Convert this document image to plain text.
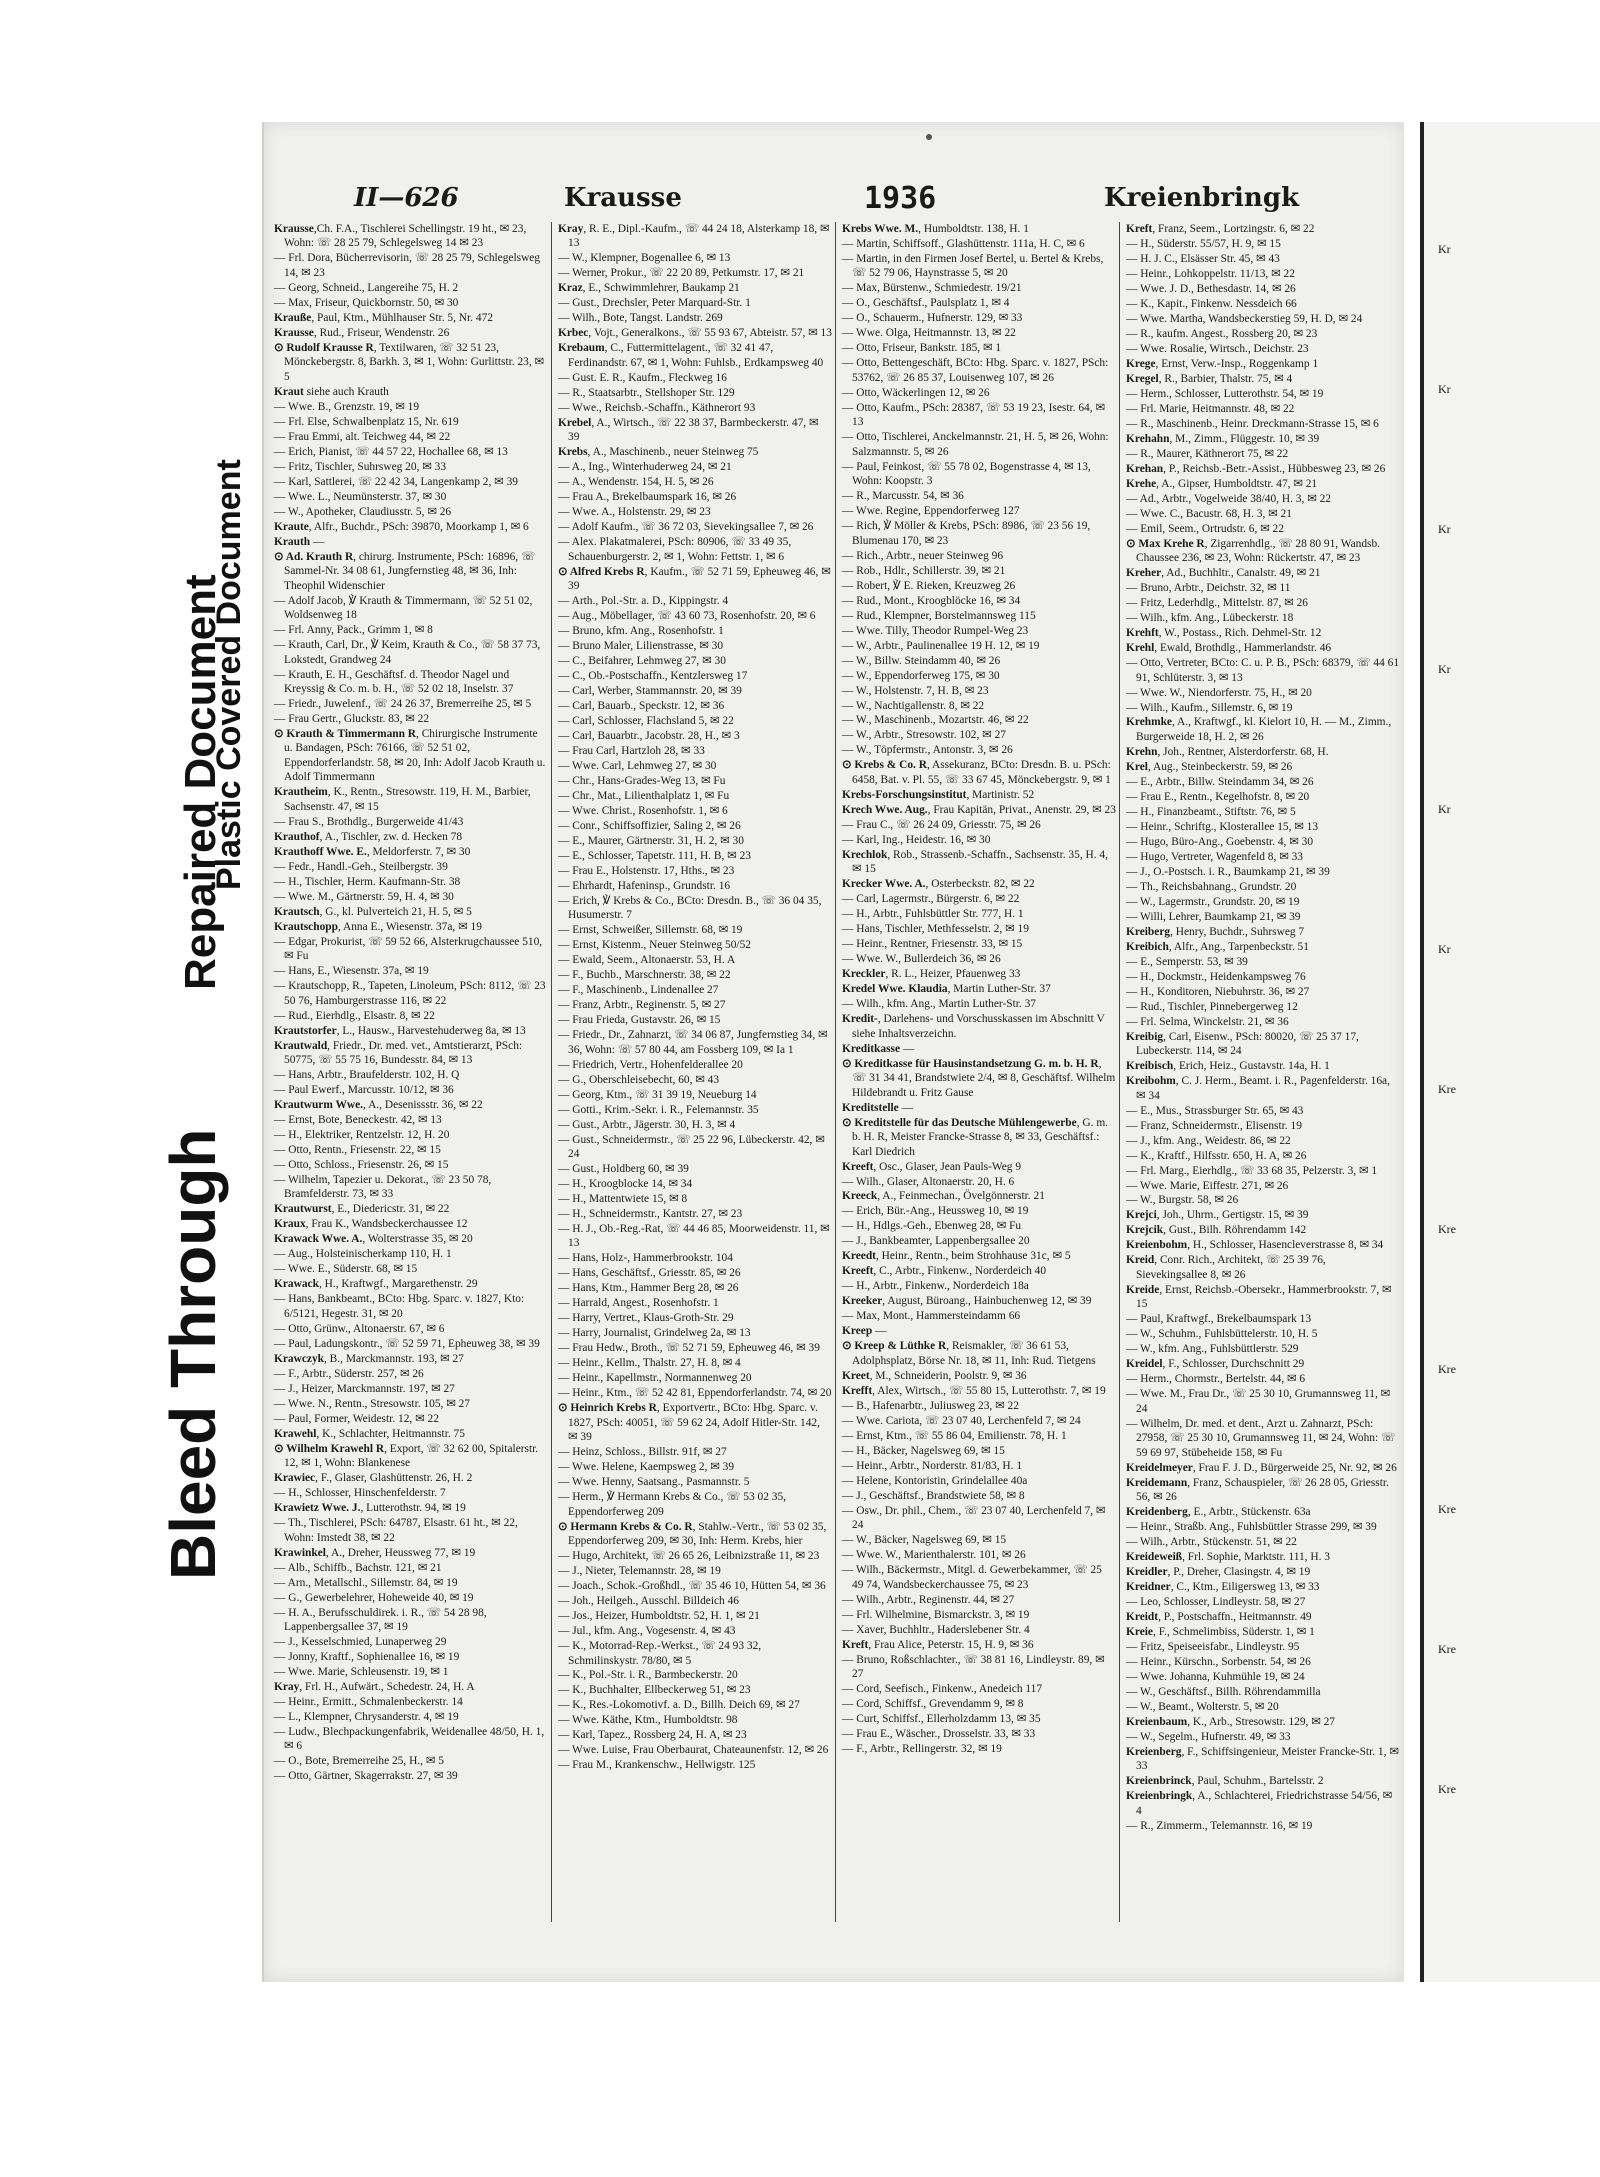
Bleed Through
Repaired Document
Plastic Covered Document
II—626	Krausse	1936	Kreienbringk
Krausse,Ch. F.A., Tischlerei Schellingstr. 19 ht., ✉ 23, Wohn: ☏ 28 25 79, Schlegelsweg 14 ✉ 23
— Frl. Dora, Bücherrevisorin, ☏ 28 25 79, Schlegelsweg 14, ✉ 23
— Georg, Schneid., Langereihe 75, H. 2
— Max, Friseur, Quickbornstr. 50, ✉ 30
Krauße, Paul, Ktm., Mühlhauser Str. 5, Nr. 472
Krausse, Rud., Friseur, Wendenstr. 26
⊙ Rudolf Krausse R, Textilwaren, ☏ 32 51 23, Mönckebergstr. 8, Barkh. 3, ✉ 1, Wohn: Gurlittstr. 23, ✉ 5
Kraut siehe auch Krauth
— Wwe. B., Grenzstr. 19, ✉ 19
— Frl. Else, Schwalbenplatz 15, Nr. 619
— Frau Emmi, alt. Teichweg 44, ✉ 22
— Erich, Pianist, ☏ 44 57 22, Hochallee 68, ✉ 13
— Fritz, Tischler, Suhrsweg 20, ✉ 33
— Karl, Sattlerei, ☏ 22 42 34, Langenkamp 2, ✉ 39
— Wwe. L., Neumünsterstr. 37, ✉ 30
— W., Apotheker, Claudiusstr. 5, ✉ 26
Kraute, Alfr., Buchdr., PSch: 39870, Moorkamp 1, ✉ 6
Krauth —
⊙ Ad. Krauth R, chirurg. Instrumente, PSch: 16896, ☏ Sammel-Nr. 34 08 61, Jungfernstieg 48, ✉ 36, Inh: Theophil Widenschier
— Adolf Jacob, ℣ Krauth & Timmermann, ☏ 52 51 02, Woldsenweg 18
— Frl. Anny, Pack., Grimm 1, ✉ 8
— Krauth, Carl, Dr., ℣ Keim, Krauth & Co., ☏ 58 37 73, Lokstedt, Grandweg 24
— Krauth, E. H., Geschäftsf. d. Theodor Nagel und Kreyssig & Co. m. b. H., ☏ 52 02 18, Inselstr. 37
— Friedr., Juwelenf., ☏ 24 26 37, Bremerreihe 25, ✉ 5
— Frau Gertr., Gluckstr. 83, ✉ 22
⊙ Krauth & Timmermann R, Chirurgische Instrumente u. Bandagen, PSch: 76166, ☏ 52 51 02, Eppendorferlandstr. 58, ✉ 20, Inh: Adolf Jacob Krauth u. Adolf Timmermann
Krautheim, K., Rentn., Stresowstr. 119, H. M., Barbier, Sachsenstr. 47, ✉ 15
— Frau S., Brothdlg., Burgerweide 41/43
Krauthof, A., Tischler, zw. d. Hecken 78
Krauthoff Wwe. E., Meldorferstr. 7, ✉ 30
— Fedr., Handl.-Geh., Steilbergstr. 39
— H., Tischler, Herm. Kaufmann-Str. 38
— Wwe. M., Gärtnerstr. 59, H. 4, ✉ 30
Krautsch, G., kl. Pulverteich 21, H. 5, ✉ 5
Krautschopp, Anna E., Wiesenstr. 37a, ✉ 19
— Edgar, Prokurist, ☏ 59 52 66, Alsterkrugchaussee 510, ✉ Fu
— Hans, E., Wiesenstr. 37a, ✉ 19
— Krautschopp, R., Tapeten, Linoleum, PSch: 8112, ☏ 23 50 76, Hamburgerstrasse 116, ✉ 22
— Rud., Eierhdlg., Elsastr. 8, ✉ 22
Krautstorfer, L., Hausw., Harvestehuderweg 8a, ✉ 13
Krautwald, Friedr., Dr. med. vet., Amtstierarzt, PSch: 50775, ☏ 55 75 16, Bundesstr. 84, ✉ 13
— Hans, Arbtr., Braufelderstr. 102, H. Q
— Paul Ewerf., Marcusstr. 10/12, ✉ 36
Krautwurm Wwe., A., Desenissstr. 36, ✉ 22
— Ernst, Bote, Beneckestr. 42, ✉ 13
— H., Elektriker, Rentzelstr. 12, H. 20
— Otto, Rentn., Friesenstr. 22, ✉ 15
— Otto, Schloss., Friesenstr. 26, ✉ 15
— Wilhelm, Tapezier u. Dekorat., ☏ 23 50 78, Bramfelderstr. 73, ✉ 33
Krautwurst, E., Diedericstr. 31, ✉ 22
Kraux, Frau K., Wandsbeckerchaussee 12
Krawack Wwe. A., Wolterstrasse 35, ✉ 20
— Aug., Holsteinischerkamp 110, H. 1
— Wwe. E., Süderstr. 68, ✉ 15
Krawack, H., Kraftwgf., Margarethenstr. 29
— Hans, Bankbeamt., BCto: Hbg. Sparc. v. 1827, Kto: 6/5121, Hegestr. 31, ✉ 20
— Otto, Grünw., Altonaerstr. 67, ✉ 6
— Paul, Ladungskontr., ☏ 52 59 71, Epheuweg 38, ✉ 39
Krawczyk, B., Marckmannstr. 193, ✉ 27
— F., Arbtr., Süderstr. 257, ✉ 26
— J., Heizer, Marckmannstr. 197, ✉ 27
— Wwe. N., Rentn., Stresowstr. 105, ✉ 27
— Paul, Former, Weidestr. 12, ✉ 22
Krawehl, K., Schlachter, Heitmannstr. 75
⊙ Wilhelm Krawehl R, Export, ☏ 32 62 00, Spitalerstr. 12, ✉ 1, Wohn: Blankenese
Krawiec, F., Glaser, Glashüttenstr. 26, H. 2
— H., Schlosser, Hinschenfelderstr. 7
Krawietz Wwe. J., Lutterothstr. 94, ✉ 19
— Th., Tischlerei, PSch: 64787, Elsastr. 61 ht., ✉ 22, Wohn: Imstedt 38, ✉ 22
Krawinkel, A., Dreher, Heussweg 77, ✉ 19
— Alb., Schiffb., Bachstr. 121, ✉ 21
— Arn., Metallschl., Sillemstr. 84, ✉ 19
— G., Gewerbelehrer, Hoheweide 40, ✉ 19
— H. A., Berufsschuldirek. i. R., ☏ 54 28 98, Lappenbergsallee 37, ✉ 19
— J., Kesselschmied, Lunaperweg 29
— Jonny, Kraftf., Sophienallee 16, ✉ 19
— Wwe. Marie, Schleusenstr. 19, ✉ 1
Kray, Frl. H., Aufwärt., Schedestr. 24, H. A
— Heinr., Ermitt., Schmalenbeckerstr. 14
— L., Klempner, Chrysanderstr. 4, ✉ 19
— Ludw., Blechpackungenfabrik, Weidenallee 48/50, H. 1, ✉ 6
— O., Bote, Bremerreihe 25, H., ✉ 5
— Otto, Gärtner, Skagerrakstr. 27, ✉ 39
Kray, R. E., Dipl.-Kaufm., ☏ 44 24 18, Alsterkamp 18, ✉ 13
— W., Klempner, Bogenallee 6, ✉ 13
— Werner, Prokur., ☏ 22 20 89, Petkumstr. 17, ✉ 21
Kraz, E., Schwimmlehrer, Baukamp 21
— Gust., Drechsler, Peter Marquard-Str. 1
— Wilh., Bote, Tangst. Landstr. 269
Krbec, Vojt., Generalkons., ☏ 55 93 67, Abteistr. 57, ✉ 13
Krebaum, C., Futtermittelagent., ☏ 32 41 47, Ferdinandstr. 67, ✉ 1, Wohn: Fuhlsb., Erdkampsweg 40
— Gust. E. R., Kaufm., Fleckweg 16
— R., Staatsarbtr., Stellshoper Str. 129
— Wwe., Reichsb.-Schaffn., Käthnerort 93
Krebel, A., Wirtsch., ☏ 22 38 37, Barmbeckerstr. 47, ✉ 39
Krebs, A., Maschinenb., neuer Steinweg 75
— A., Ing., Winterhuderweg 24, ✉ 21
— A., Wendenstr. 154, H. 5, ✉ 26
— Frau A., Brekelbaumspark 16, ✉ 26
— Wwe. A., Holstenstr. 29, ✉ 23
— Adolf Kaufm., ☏ 36 72 03, Sievekingsallee 7, ✉ 26
— Alex. Plakatmalerei, PSch: 80906, ☏ 33 49 35, Schauenburgerstr. 2, ✉ 1, Wohn: Fettstr. 1, ✉ 6
⊙ Alfred Krebs R, Kaufm., ☏ 52 71 59, Epheuweg 46, ✉ 39
— Arth., Pol.-Str. a. D., Kippingstr. 4
— Aug., Möbellager, ☏ 43 60 73, Rosenhofstr. 20, ✉ 6
— Bruno, kfm. Ang., Rosenhofstr. 1
— Bruno Maler, Lilienstrasse, ✉ 30
— C., Beifahrer, Lehmweg 27, ✉ 30
— C., Ob.-Postschaffn., Kentzlersweg 17
— Carl, Werber, Stammannstr. 20, ✉ 39
— Carl, Bauarb., Speckstr. 12, ✉ 36
— Carl, Schlosser, Flachsland 5, ✉ 22
— Carl, Bauarbtr., Jacobstr. 28, H., ✉ 3
— Frau Carl, Hartzloh 28, ✉ 33
— Wwe. Carl, Lehmweg 27, ✉ 30
— Chr., Hans-Grades-Weg 13, ✉ Fu
— Chr., Mat., Lilienthalplatz 1, ✉ Fu
— Wwe. Christ., Rosenhofstr. 1, ✉ 6
— Conr., Schiffsoffizier, Saling 2, ✉ 26
— E., Maurer, Gärtnerstr. 31, H. 2, ✉ 30
— E., Schlosser, Tapetstr. 111, H. B, ✉ 23
— Frau E., Holstenstr. 17, Hths., ✉ 23
— Ehrhardt, Hafeninsp., Grundstr. 16
— Erich, ℣ Krebs & Co., BCto: Dresdn. B., ☏ 36 04 35, Husumerstr. 7
— Ernst, Schweißer, Sillemstr. 68, ✉ 19
— Ernst, Kistenm., Neuer Steinweg 50/52
— Ewald, Seem., Altonaerstr. 53, H. A
— F., Buchb., Marschnerstr. 38, ✉ 22
— F., Maschinenb., Lindenallee 27
— Franz, Arbtr., Reginenstr. 5, ✉ 27
— Frau Frieda, Gustavstr. 26, ✉ 15
— Friedr., Dr., Zahnarzt, ☏ 34 06 87, Jungfernstieg 34, ✉ 36, Wohn: ☏ 57 80 44, am Fossberg 109, ✉ Ia 1
— Friedrich, Vertr., Hohenfelderallee 20
— G., Oberschleisebecht, 60, ✉ 43
— Georg, Ktm., ☏ 31 39 19, Neueburg 14
— Gotti., Krim.-Sekr. i. R., Felemannstr. 35
— Gust., Arbtr., Jägerstr. 30, H. 3, ✉ 4
— Gust., Schneidermstr., ☏ 25 22 96, Lübeckerstr. 42, ✉ 24
— Gust., Holdberg 60, ✉ 39
— H., Kroogblocke 14, ✉ 34
— H., Mattentwiete 15, ✉ 8
— H., Schneidermstr., Kantstr. 27, ✉ 23
— H. J., Ob.-Reg.-Rat, ☏ 44 46 85, Moorweidenstr. 11, ✉ 13
— Hans, Holz-, Hammerbrookstr. 104
— Hans, Geschäftsf., Griesstr. 85, ✉ 26
— Hans, Ktm., Hammer Berg 28, ✉ 26
— Harrald, Angest., Rosenhofstr. 1
— Harry, Vertret., Klaus-Groth-Str. 29
— Harry, Journalist, Grindelweg 2a, ✉ 13
— Frau Hedw., Broth., ☏ 52 71 59, Epheuweg 46, ✉ 39
— Heinr., Kellm., Thalstr. 27, H. 8, ✉ 4
— Heinr., Kapellmstr., Normannenweg 20
— Heinr., Ktm., ☏ 52 42 81, Eppendorferlandstr. 74, ✉ 20
⊙ Heinrich Krebs R, Exportvertr., BCto: Hbg. Sparc. v. 1827, PSch: 40051, ☏ 59 62 24, Adolf Hitler-Str. 142, ✉ 39
— Heinz, Schloss., Billstr. 91f, ✉ 27
— Wwe. Helene, Kaempsweg 2, ✉ 39
— Wwe. Henny, Saatsang., Pasmannstr. 5
— Herm., ℣ Hermann Krebs & Co., ☏ 53 02 35, Eppendorferweg 209
⊙ Hermann Krebs & Co. R, Stahlw.-Vertr., ☏ 53 02 35, Eppendorferweg 209, ✉ 30, Inh: Herm. Krebs, hier
— Hugo, Architekt, ☏ 26 65 26, Leibnizstraße 11, ✉ 23
— J., Nieter, Telemannstr. 28, ✉ 19
— Joach., Schok.-Großhdl., ☏ 35 46 10, Hütten 54, ✉ 36
— Joh., Heilgeh., Ausschl. Billdeich 46
— Jos., Heizer, Humboldtstr. 52, H. 1, ✉ 21
— Jul., kfm. Ang., Vogesenstr. 4, ✉ 43
— K., Motorrad-Rep.-Werkst., ☏ 24 93 32, Schmilinskystr. 78/80, ✉ 5
— K., Pol.-Str. i. R., Barmbeckerstr. 20
— K., Buchhalter, Ellbeckerweg 51, ✉ 23
— K., Res.-Lokomotivf. a. D., Billh. Deich 69, ✉ 27
— Wwe. Käthe, Ktm., Humboldtstr. 98
— Karl, Tapez., Rossberg 24, H. A, ✉ 23
— Wwe. Luise, Frau Oberbaurat, Chateaunenfstr. 12, ✉ 26
— Frau M., Krankenschw., Hellwigstr. 125
Krebs Wwe. M., Humboldtstr. 138, H. 1
— Martin, Schiffsoff., Glashüttenstr. 111a, H. C, ✉ 6
— Martin, in den Firmen Josef Bertel, u. Bertel & Krebs, ☏ 52 79 06, Haynstrasse 5, ✉ 20
— Max, Bürstenw., Schmiedestr. 19/21
— O., Geschäftsf., Paulsplatz 1, ✉ 4
— O., Schauerm., Hufnerstr. 129, ✉ 33
— Wwe. Olga, Heitmannstr. 13, ✉ 22
— Otto, Friseur, Bankstr. 185, ✉ 1
— Otto, Bettengeschäft, BCto: Hbg. Sparc. v. 1827, PSch: 53762, ☏ 26 85 37, Louisenweg 107, ✉ 26
— Otto, Wäckerlingen 12, ✉ 26
— Otto, Kaufm., PSch: 28387, ☏ 53 19 23, Isestr. 64, ✉ 13
— Otto, Tischlerei, Anckelmannstr. 21, H. 5, ✉ 26, Wohn: Salzmannstr. 5, ✉ 26
— Paul, Feinkost, ☏ 55 78 02, Bogenstrasse 4, ✉ 13, Wohn: Koopstr. 3
— R., Marcusstr. 54, ✉ 36
— Wwe. Regine, Eppendorferweg 127
— Rich, ℣ Möller & Krebs, PSch: 8986, ☏ 23 56 19, Blumenau 170, ✉ 23
— Rich., Arbtr., neuer Steinweg 96
— Rob., Hdlr., Schillerstr. 39, ✉ 21
— Robert, ℣ E. Rieken, Kreuzweg 26
— Rud., Mont., Kroogblöcke 16, ✉ 34
— Rud., Klempner, Borstelmannsweg 115
— Wwe. Tilly, Theodor Rumpel-Weg 23
— W., Arbtr., Paulinenallee 19 H. 12, ✉ 19
— W., Billw. Steindamm 40, ✉ 26
— W., Eppendorferweg 175, ✉ 30
— W., Holstenstr. 7, H. B, ✉ 23
— W., Nachtigallenstr. 8, ✉ 22
— W., Maschinenb., Mozartstr. 46, ✉ 22
— W., Arbtr., Stresowstr. 102, ✉ 27
— W., Töpfermstr., Antonstr. 3, ✉ 26
⊙ Krebs & Co. R, Assekuranz, BCto: Dresdn. B. u. PSch: 6458, Bat. v. Pl. 55, ☏ 33 67 45, Mönckebergstr. 9, ✉ 1
Krebs-Forschungsinstitut, Martinistr. 52
Krech Wwe. Aug., Frau Kapitän, Privat., Anenstr. 29, ✉ 23
— Frau C., ☏ 26 24 09, Griesstr. 75, ✉ 26
— Karl, Ing., Heidestr. 16, ✉ 30
Krechlok, Rob., Strassenb.-Schaffn., Sachsenstr. 35, H. 4, ✉ 15
Krecker Wwe. A., Osterbeckstr. 82, ✉ 22
— Carl, Lagermstr., Bürgerstr. 6, ✉ 22
— H., Arbtr., Fuhlsbüttler Str. 777, H. 1
— Hans, Tischler, Methfesselstr. 2, ✉ 19
— Heinr., Rentner, Friesenstr. 33, ✉ 15
— Wwe. W., Bullerdeich 36, ✉ 26
Kreckler, R. L., Heizer, Pfauenweg 33
Kredel Wwe. Klaudia, Martin Luther-Str. 37
— Wilh., kfm. Ang., Martin Luther-Str. 37
Kredit-, Darlehens- und Vorschusskassen im Abschnitt V siehe Inhaltsverzeichn.
Kreditkasse —
⊙ Kreditkasse für Hausinstandsetzung G. m. b. H. R, ☏ 31 34 41, Brandstwiete 2/4, ✉ 8, Geschäftsf. Wilhelm Hildebrandt u. Fritz Gause
Kreditstelle —
⊙ Kreditstelle für das Deutsche Mühlengewerbe, G. m. b. H. R, Meister Francke-Strasse 8, ✉ 33, Geschäftsf.: Karl Diedrich
Kreeft, Osc., Glaser, Jean Pauls-Weg 9
— Wilh., Glaser, Altonaerstr. 20, H. 6
Kreeck, A., Feinmechan., Övelgönnerstr. 21
— Erich, Bür.-Ang., Heussweg 10, ✉ 19
— H., Hdlgs.-Geh., Ebenweg 28, ✉ Fu
— J., Bankbeamter, Lappenbergsallee 20
Kreedt, Heinr., Rentn., beim Strohhause 31c, ✉ 5
Kreeft, C., Arbtr., Finkenw., Norderdeich 40
— H., Arbtr., Finkenw., Norderdeich 18a
Kreeker, August, Büroang., Hainbuchenweg 12, ✉ 39
— Max, Mont., Hammersteindamm 66
Kreep —
⊙ Kreep & Lüthke R, Reismakler, ☏ 36 61 53, Adolphsplatz, Börse Nr. 18, ✉ 11, Inh: Rud. Tietgens
Kreet, M., Schneiderin, Poolstr. 9, ✉ 36
Krefft, Alex, Wirtsch., ☏ 55 80 15, Lutterothstr. 7, ✉ 19
— B., Hafenarbtr., Juliusweg 23, ✉ 22
— Wwe. Cariota, ☏ 23 07 40, Lerchenfeld 7, ✉ 24
— Ernst, Ktm., ☏ 55 86 04, Emilienstr. 78, H. 1
— H., Bäcker, Nagelsweg 69, ✉ 15
— Heinr., Arbtr., Norderstr. 81/83, H. 1
— Helene, Kontoristin, Grindelallee 40a
— J., Geschäftsf., Brandstwiete 58, ✉ 8
— Osw., Dr. phil., Chem., ☏ 23 07 40, Lerchenfeld 7, ✉ 24
— W., Bäcker, Nagelsweg 69, ✉ 15
— Wwe. W., Marienthalerstr. 101, ✉ 26
— Wilh., Bäckermstr., Mitgl. d. Gewerbekammer, ☏ 25 49 74, Wandsbeckerchaussee 75, ✉ 23
— Wilh., Arbtr., Reginenstr. 44, ✉ 27
— Frl. Wilhelmine, Bismarckstr. 3, ✉ 19
— Xaver, Buchhltr., Haderslebener Str. 4
Kreft, Frau Alice, Peterstr. 15, H. 9, ✉ 36
— Bruno, Roßschlachter., ☏ 38 81 16, Lindleystr. 89, ✉ 27
— Cord, Seefisch., Finkenw., Anedeich 117
— Cord, Schiffsf., Grevendamm 9, ✉ 8
— Curt, Schiffsf., Ellerholzdamm 13, ✉ 35
— Frau E., Wäscher., Drosselstr. 33, ✉ 33
— F., Arbtr., Rellingerstr. 32, ✉ 19
Kreft, Franz, Seem., Lortzingstr. 6, ✉ 22
— H., Süderstr. 55/57, H. 9, ✉ 15
— H. J. C., Elsässer Str. 45, ✉ 43
— Heinr., Lohkoppelstr. 11/13, ✉ 22
— Wwe. J. D., Bethesdastr. 14, ✉ 26
— K., Kapit., Finkenw. Nessdeich 66
— Wwe. Martha, Wandsbeckerstieg 59, H. D, ✉ 24
— R., kaufm. Angest., Rossberg 20, ✉ 23
— Wwe. Rosalie, Wirtsch., Deichstr. 23
Krege, Ernst, Verw.-Insp., Roggenkamp 1
Kregel, R., Barbier, Thalstr. 75, ✉ 4
— Herm., Schlosser, Lutterothstr. 54, ✉ 19
— Frl. Marie, Heitmannstr. 48, ✉ 22
— R., Maschinenb., Heinr. Dreckmann-Strasse 15, ✉ 6
Krehahn, M., Zimm., Flüggestr. 10, ✉ 39
— R., Maurer, Käthnerort 75, ✉ 22
Krehan, P., Reichsb.-Betr.-Assist., Hübbesweg 23, ✉ 26
Krehe, A., Gipser, Humboldtstr. 47, ✉ 21
— Ad., Arbtr., Vogelweide 38/40, H. 3, ✉ 22
— Wwe. C., Bacustr. 68, H. 3, ✉ 21
— Emil, Seem., Ortrudstr. 6, ✉ 22
⊙ Max Krehe R, Zigarrenhdlg., ☏ 28 80 91, Wandsb. Chaussee 236, ✉ 23, Wohn: Rückertstr. 47, ✉ 23
Kreher, Ad., Buchhltr., Canalstr. 49, ✉ 21
— Bruno, Arbtr., Deichstr. 32, ✉ 11
— Fritz, Lederhdlg., Mittelstr. 87, ✉ 26
— Wilh., kfm. Ang., Lübeckerstr. 18
Krehft, W., Postass., Rich. Dehmel-Str. 12
Krehl, Ewald, Brothdlg., Hammerlandstr. 46
— Otto, Vertreter, BCto: C. u. P. B., PSch: 68379, ☏ 44 61 91, Schlüterstr. 3, ✉ 13
— Wwe. W., Niendorferstr. 75, H., ✉ 20
— Wilh., Kaufm., Sillemstr. 6, ✉ 19
Krehmke, A., Kraftwgf., kl. Kielort 10, H. — M., Zimm., Burgerweide 18, H. 2, ✉ 26
Krehn, Joh., Rentner, Alsterdorferstr. 68, H.
Krel, Aug., Steinbeckerstr. 59, ✉ 26
— E., Arbtr., Billw. Steindamm 34, ✉ 26
— Frau E., Rentn., Kegelhofstr. 8, ✉ 20
— H., Finanzbeamt., Stiftstr. 76, ✉ 5
— Heinr., Schriftg., Klosterallee 15, ✉ 13
— Hugo, Büro-Ang., Goebenstr. 4, ✉ 30
— Hugo, Vertreter, Wagenfeld 8, ✉ 33
— J., O.-Postsch. i. R., Baumkamp 21, ✉ 39
— Th., Reichsbahnang., Grundstr. 20
— W., Lagermstr., Grundstr. 20, ✉ 19
— Willi, Lehrer, Baumkamp 21, ✉ 39
Kreiberg, Henry, Buchdr., Suhrsweg 7
Kreibich, Alfr., Ang., Tarpenbeckstr. 51
— E., Semperstr. 53, ✉ 39
— H., Dockmstr., Heidenkampsweg 76
— H., Konditoren, Niebuhrstr. 36, ✉ 27
— Rud., Tischler, Pinnebergerweg 12
— Frl. Selma, Winckelstr. 21, ✉ 36
Kreibig, Carl, Eisenw., PSch: 80020, ☏ 25 37 17, Lubeckerstr. 114, ✉ 24
Kreibisch, Erich, Heiz., Gustavstr. 14a, H. 1
Kreibohm, C. J. Herm., Beamt. i. R., Pagenfelderstr. 16a, ✉ 34
— E., Mus., Strassburger Str. 65, ✉ 43
— Franz, Schneidermstr., Elisenstr. 19
— J., kfm. Ang., Weidestr. 86, ✉ 22
— K., Kraftf., Hilfsstr. 650, H. A, ✉ 26
— Frl. Marg., Eierhdlg., ☏ 33 68 35, Pelzerstr. 3, ✉ 1
— Wwe. Marie, Eiffestr. 271, ✉ 26
— W., Burgstr. 58, ✉ 26
Krejci, Joh., Uhrm., Gertigstr. 15, ✉ 39
Krejcik, Gust., Bilh. Röhrendamm 142
Kreienbohm, H., Schlosser, Hasencleverstrasse 8, ✉ 34
Kreid, Conr. Rich., Architekt, ☏ 25 39 76, Sievekingsallee 8, ✉ 26
Kreide, Ernst, Reichsb.-Obersekr., Hammerbrookstr. 7, ✉ 15
— Paul, Kraftwgf., Brekelbaumspark 13
— W., Schuhm., Fuhlsbüttelerstr. 10, H. 5
— W., kfm. Ang., Fuhlsbüttlerstr. 529
Kreidel, F., Schlosser, Durchschnitt 29
— Herm., Chormstr., Bertelstr. 44, ✉ 6
— Wwe. M., Frau Dr., ☏ 25 30 10, Grumannsweg 11, ✉ 24
— Wilhelm, Dr. med. et dent., Arzt u. Zahnarzt, PSch: 27958, ☏ 25 30 10, Grumannsweg 11, ✉ 24, Wohn: ☏ 59 69 97, Stübeheide 158, ✉ Fu
Kreidelmeyer, Frau F. J. D., Bürgerweide 25, Nr. 92, ✉ 26
Kreidemann, Franz, Schauspieler, ☏ 26 28 05, Griesstr. 56, ✉ 26
Kreidenberg, E., Arbtr., Stückenstr. 63a
— Heinr., Straßb. Ang., Fuhlsbüttler Strasse 299, ✉ 39
— Wilh., Arbtr., Stückenstr. 51, ✉ 22
Kreideweiß, Frl. Sophie, Marktstr. 111, H. 3
Kreidler, P., Dreher, Clasingstr. 4, ✉ 19
Kreidner, C., Ktm., Eiligersweg 13, ✉ 33
— Leo, Schlosser, Lindleystr. 58, ✉ 27
Kreidt, P., Postschaffn., Heitmannstr. 49
Kreie, F., Schmelimbiss, Süderstr. 1, ✉ 1
— Fritz, Speiseeisfabr., Lindleystr. 95
— Heinr., Kürschn., Sorbenstr. 54, ✉ 26
— Wwe. Johanna, Kuhmühle 19, ✉ 24
— W., Geschäftsf., Billh. Röhrendammilla
— W., Beamt., Wolterstr. 5, ✉ 20
Kreienbaum, K., Arb., Stresowstr. 129, ✉ 27
— W., Segelm., Hufnerstr. 49, ✉ 33
Kreienberg, F., Schiffsingenieur, Meister Francke-Str. 1, ✉ 33
Kreienbrinck, Paul, Schuhm., Bartelsstr. 2
Kreienbringk, A., Schlachterei, Friedrichstrasse 54/56, ✉ 4
— R., Zimmerm., Telemannstr. 16, ✉ 19
Kr
Kr
Kr
Kr
Kr
Kr
Kre
Kre
Kre
Kre
Kre
Kre
